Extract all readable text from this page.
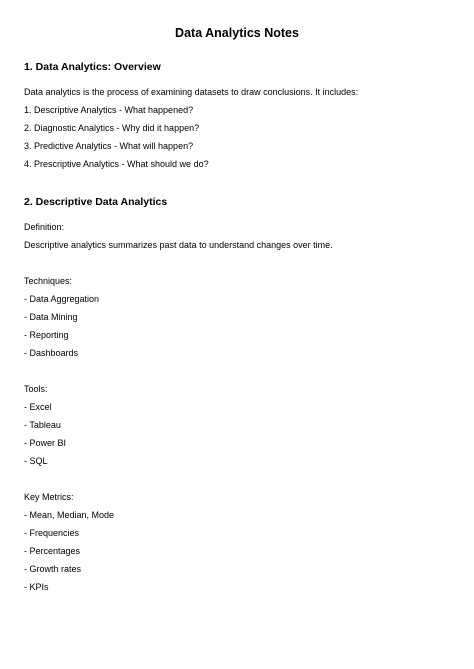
Data Analytics Notes
1. Data Analytics: Overview
Data analytics is the process of examining datasets to draw conclusions. It includes:
1. Descriptive Analytics - What happened?
2. Diagnostic Analytics - Why did it happen?
3. Predictive Analytics - What will happen?
4. Prescriptive Analytics - What should we do?
2. Descriptive Data Analytics
Definition:
Descriptive analytics summarizes past data to understand changes over time.
Techniques:
- Data Aggregation
- Data Mining
- Reporting
- Dashboards
Tools:
- Excel
- Tableau
- Power BI
- SQL
Key Metrics:
- Mean, Median, Mode
- Frequencies
- Percentages
- Growth rates
- KPIs
